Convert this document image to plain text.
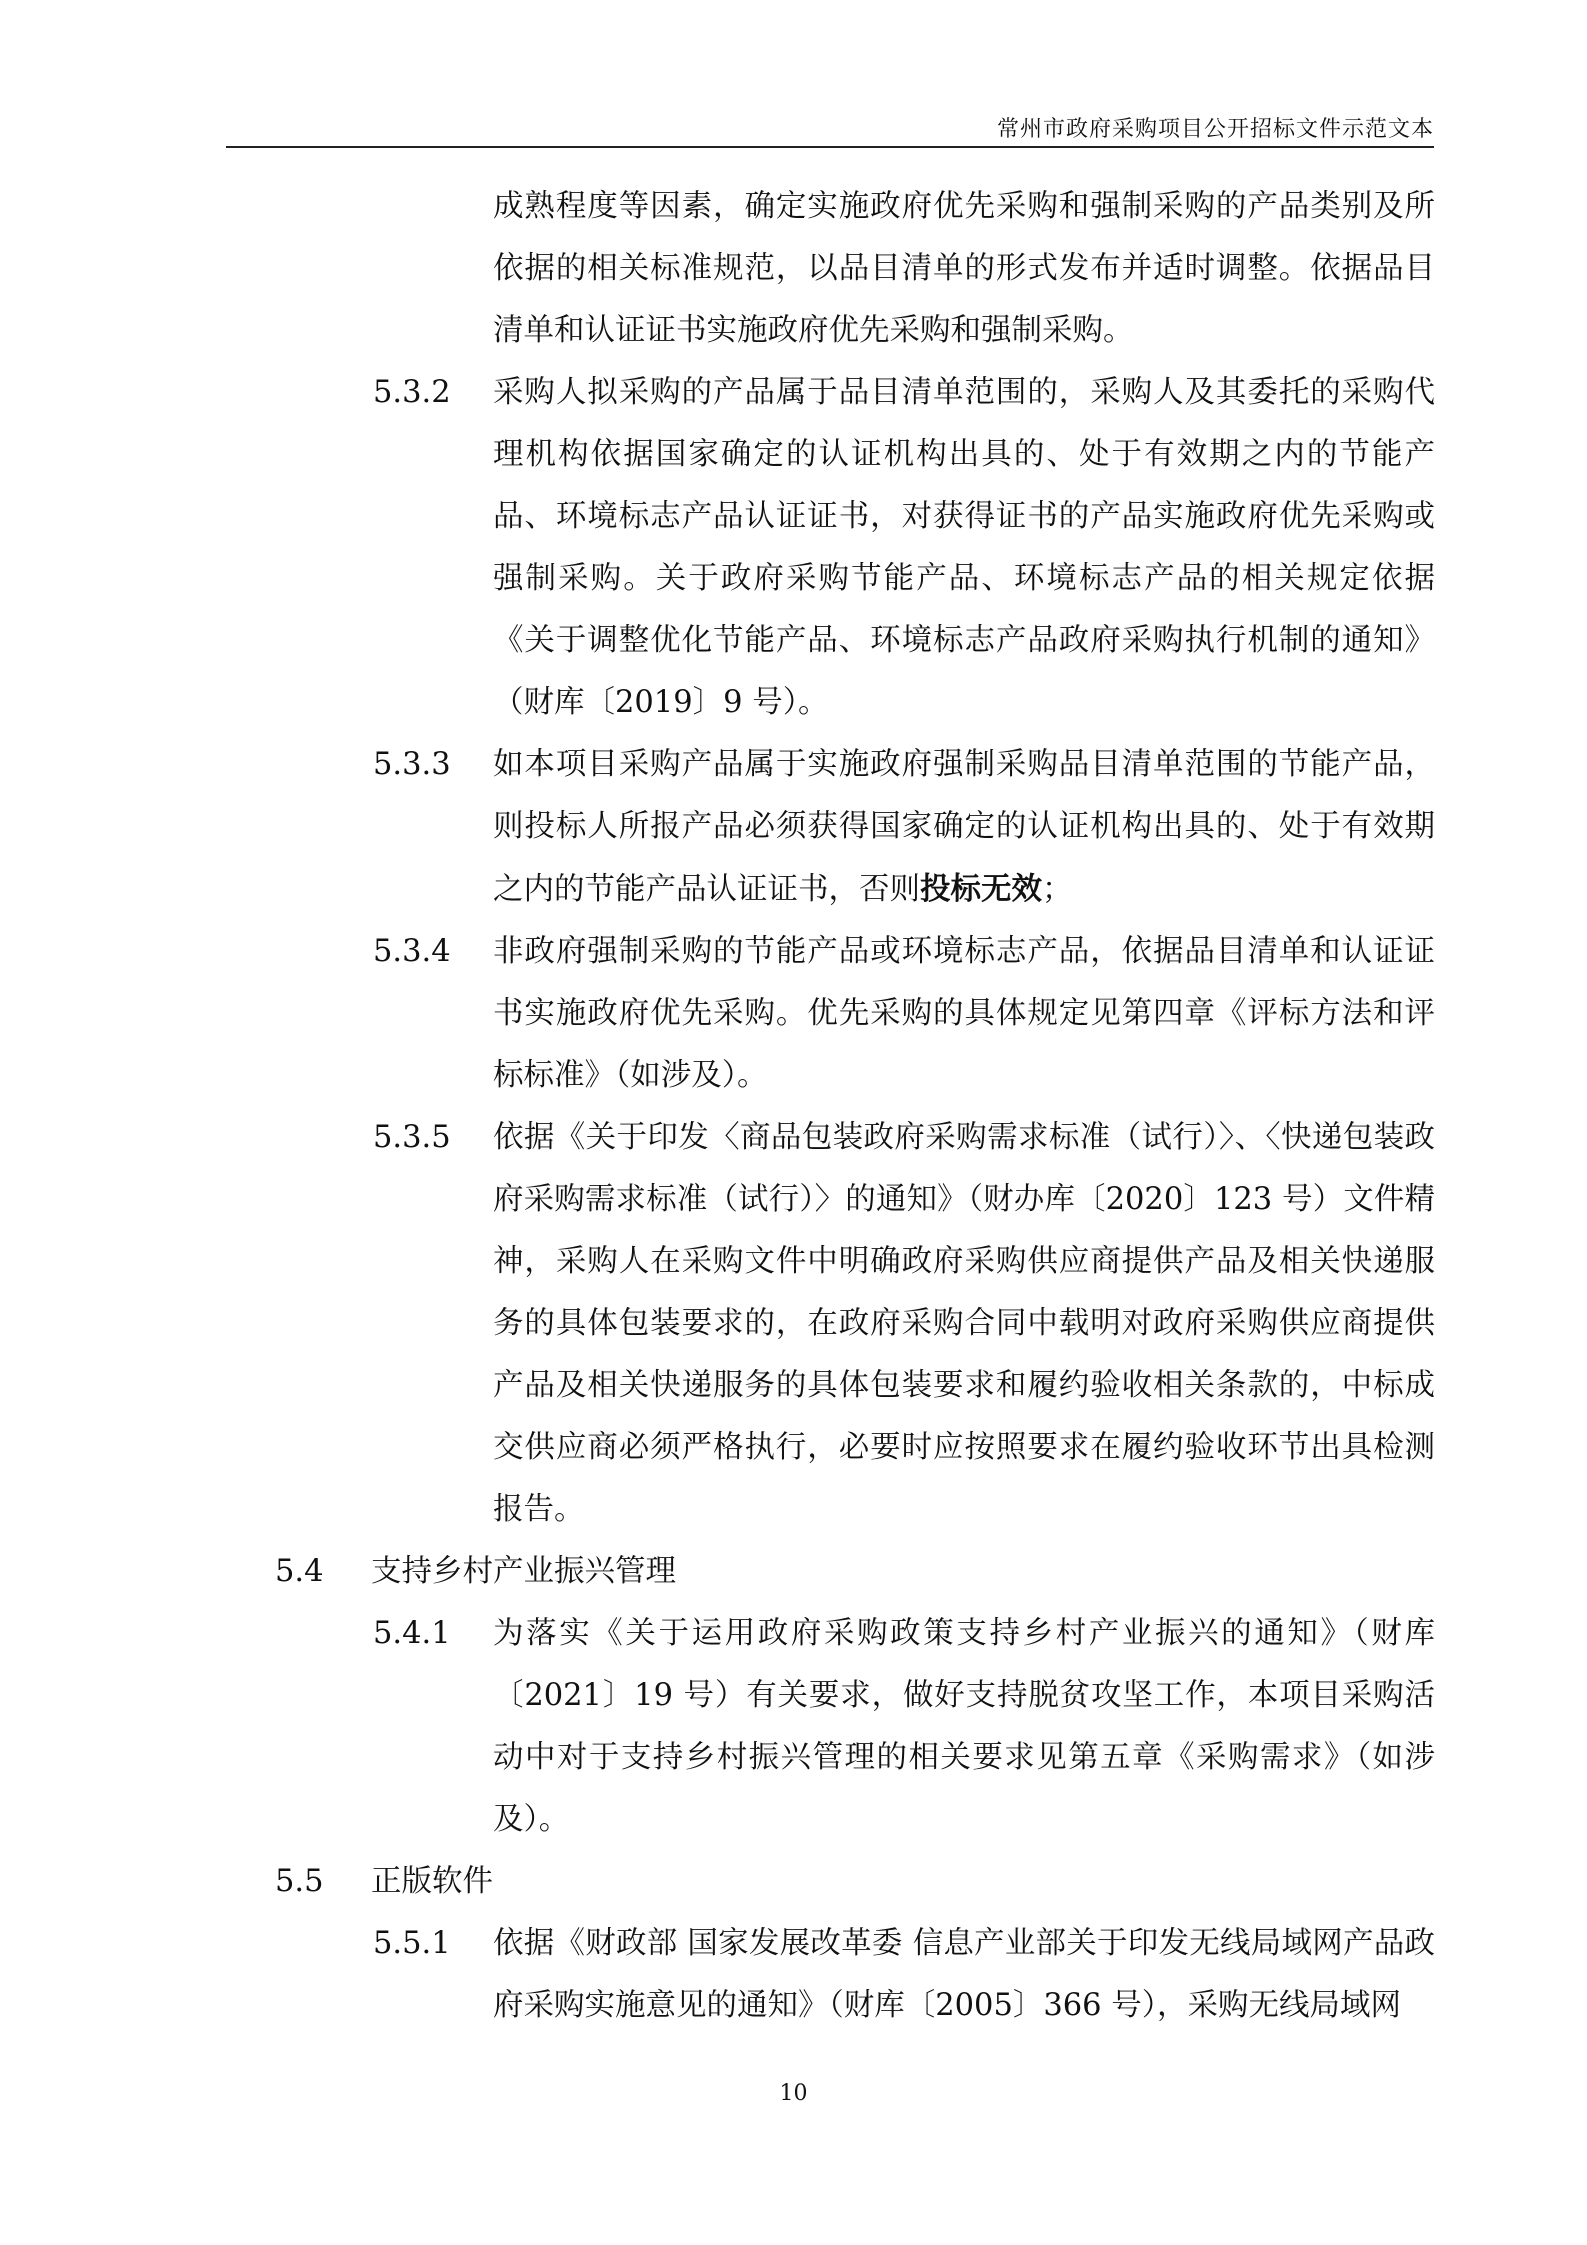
常州市政府采购项目公开招标文件示范文本
成熟程度等因素，确定实施政府优先采购和强制采购的产品类别及所依据的相关标准规范，以品目清单的形式发布并适时调整。依据品目清单和认证证书实施政府优先采购和强制采购。
5.3.2 采购人拟采购的产品属于品目清单范围的，采购人及其委托的采购代理机构依据国家确定的认证机构出具的、处于有效期之内的节能产品、环境标志产品认证证书，对获得证书的产品实施政府优先采购或强制采购。关于政府采购节能产品、环境标志产品的相关规定依据《关于调整优化节能产品、环境标志产品政府采购执行机制的通知》（财库〔2019〕9 号）。
5.3.3 如本项目采购产品属于实施政府强制采购品目清单范围的节能产品，则投标人所报产品必须获得国家确定的认证机构出具的、处于有效期之内的节能产品认证证书，否则投标无效；
5.3.4 非政府强制采购的节能产品或环境标志产品，依据品目清单和认证证书实施政府优先采购。优先采购的具体规定见第四章《评标方法和评标标准》（如涉及）。
5.3.5 依据《关于印发〈商品包装政府采购需求标准（试行）〉、〈快递包装政府采购需求标准（试行）〉的通知》（财办库〔2020〕123 号）文件精神，采购人在采购文件中明确政府采购供应商提供产品及相关快递服务的具体包装要求的，在政府采购合同中载明对政府采购供应商提供产品及相关快递服务的具体包装要求和履约验收相关条款的，中标成交供应商必须严格执行，必要时应按照要求在履约验收环节出具检测报告。
5.4 支持乡村产业振兴管理
5.4.1 为落实《关于运用政府采购政策支持乡村产业振兴的通知》（财库〔2021〕19 号）有关要求，做好支持脱贫攻坚工作，本项目采购活动中对于支持乡村振兴管理的相关要求见第五章《采购需求》（如涉及）。
5.5 正版软件
5.5.1 依据《财政部 国家发展改革委 信息产业部关于印发无线局域网产品政府采购实施意见的通知》（财库〔2005〕366 号），采购无线局域网
10
